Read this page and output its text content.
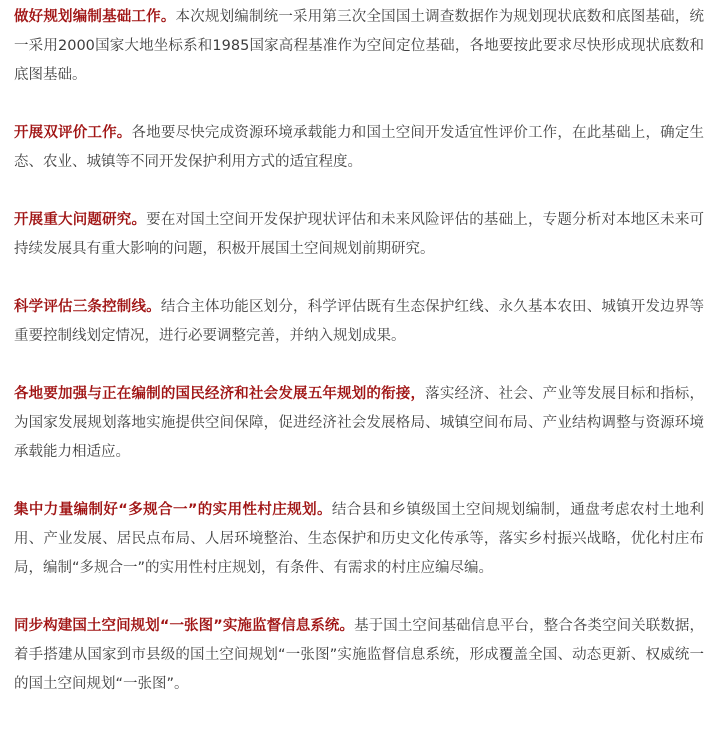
做好规划编制基础工作。本次规划编制统一采用第三次全国国土调查数据作为规划现状底数和底图基础，统一采用2000国家大地坐标系和1985国家高程基准作为空间定位基础，各地要按此要求尽快形成现状底数和底图基础。

开展双评价工作。各地要尽快完成资源环境承载能力和国土空间开发适宜性评价工作，在此基础上，确定生态、农业、城镇等不同开发保护利用方式的适宜程度。

开展重大问题研究。要在对国土空间开发保护现状评估和未来风险评估的基础上，专题分析对本地区未来可持续发展具有重大影响的问题，积极开展国土空间规划前期研究。

科学评估三条控制线。结合主体功能区划分，科学评估既有生态保护红线、永久基本农田、城镇开发边界等重要控制线划定情况，进行必要调整完善，并纳入规划成果。

各地要加强与正在编制的国民经济和社会发展五年规划的衔接，落实经济、社会、产业等发展目标和指标，为国家发展规划落地实施提供空间保障，促进经济社会发展格局、城镇空间布局、产业结构调整与资源环境承载能力相适应。

集中力量编制好“多规合一”的实用性村庄规划。结合县和乡镇级国土空间规划编制，通盘考虑农村土地利用、产业发展、居民点布局、人居环境整治、生态保护和历史文化传承等，落实乡村振兴战略，优化村庄布局，编制“多规合一”的实用性村庄规划，有条件、有需求的村庄应编尽编。

同步构建国土空间规划“一张图”实施监督信息系统。基于国土空间基础信息平台，整合各类空间关联数据，着手搭建从国家到市县级的国土空间规划“一张图”实施监督信息系统，形成覆盖全国、动态更新、权威统一的国土空间规划“一张图”。
